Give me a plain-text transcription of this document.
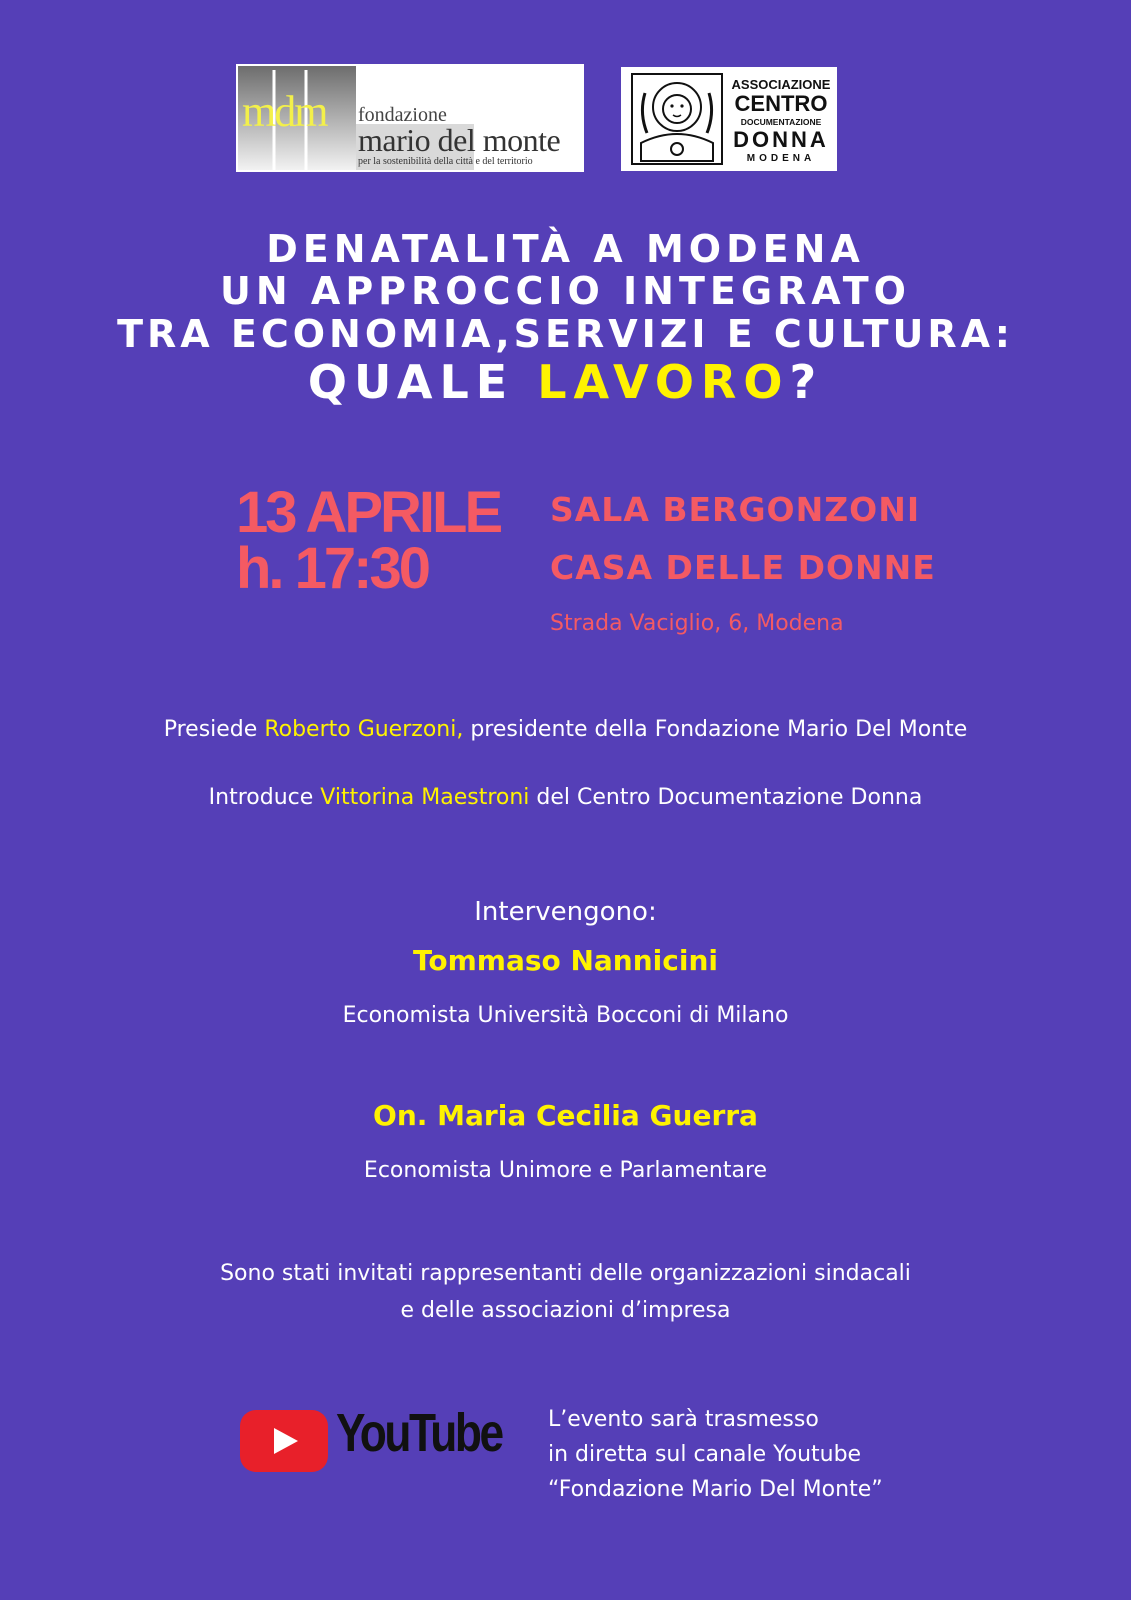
mdm fondazione
mario del monte
per la sostenibilità della città e del territorio
ASSOCIAZIONE
CENTRO
DOCUMENTAZIONE
DONNA
MODENA
DENATALITÀ A MODENA
UN APPROCCIO INTEGRATO
TRA ECONOMIA,SERVIZI E CULTURA:
QUALE LAVORO?
13 APRILE
h. 17:30
SALA BERGONZONI
CASA DELLE DONNE
Strada Vaciglio, 6, Modena
Presiede Roberto Guerzoni, presidente della Fondazione Mario Del Monte
Introduce Vittorina Maestroni del Centro Documentazione Donna
Intervengono:
Tommaso Nannicini
Economista Università Bocconi di Milano
On. Maria Cecilia Guerra
Economista Unimore e Parlamentare
Sono stati invitati rappresentanti delle organizzazioni sindacali
e delle associazioni d’impresa
YouTube L’evento sarà trasmesso
in diretta sul canale Youtube
“Fondazione Mario Del Monte”
